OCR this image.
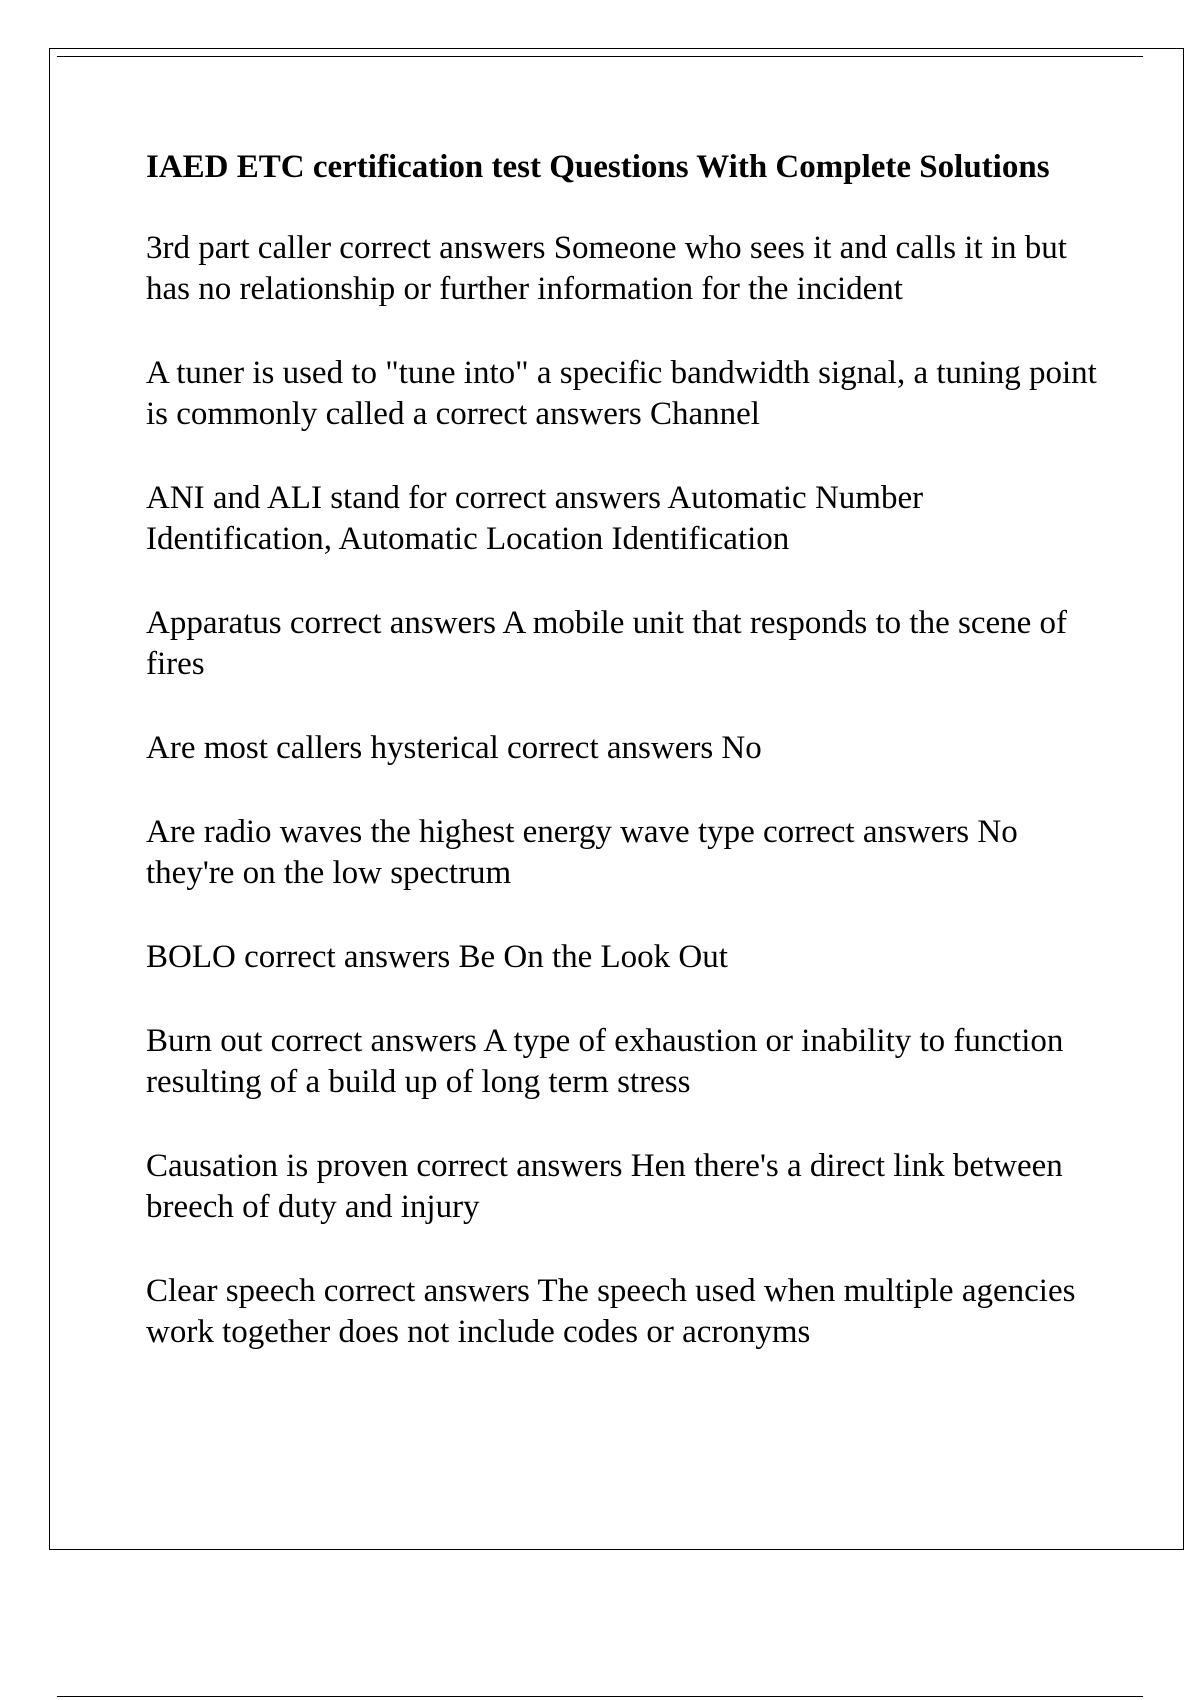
IAED ETC certification test Questions With Complete Solutions
3rd part caller correct answers Someone who sees it and calls it in but has no relationship or further information for the incident
A tuner is used to "tune into" a specific bandwidth signal, a tuning point is commonly called a correct answers Channel
ANI and ALI stand for correct answers Automatic Number Identification, Automatic Location Identification
Apparatus correct answers A mobile unit that responds to the scene of fires
Are most callers hysterical correct answers No
Are radio waves the highest energy wave type correct answers No they're on the low spectrum
BOLO correct answers Be On the Look Out
Burn out correct answers A type of exhaustion or inability to function resulting of a build up of long term stress
Causation is proven correct answers Hen there's a direct link between breech of duty and injury
Clear speech correct answers The speech used when multiple agencies work together does not include codes or acronyms
